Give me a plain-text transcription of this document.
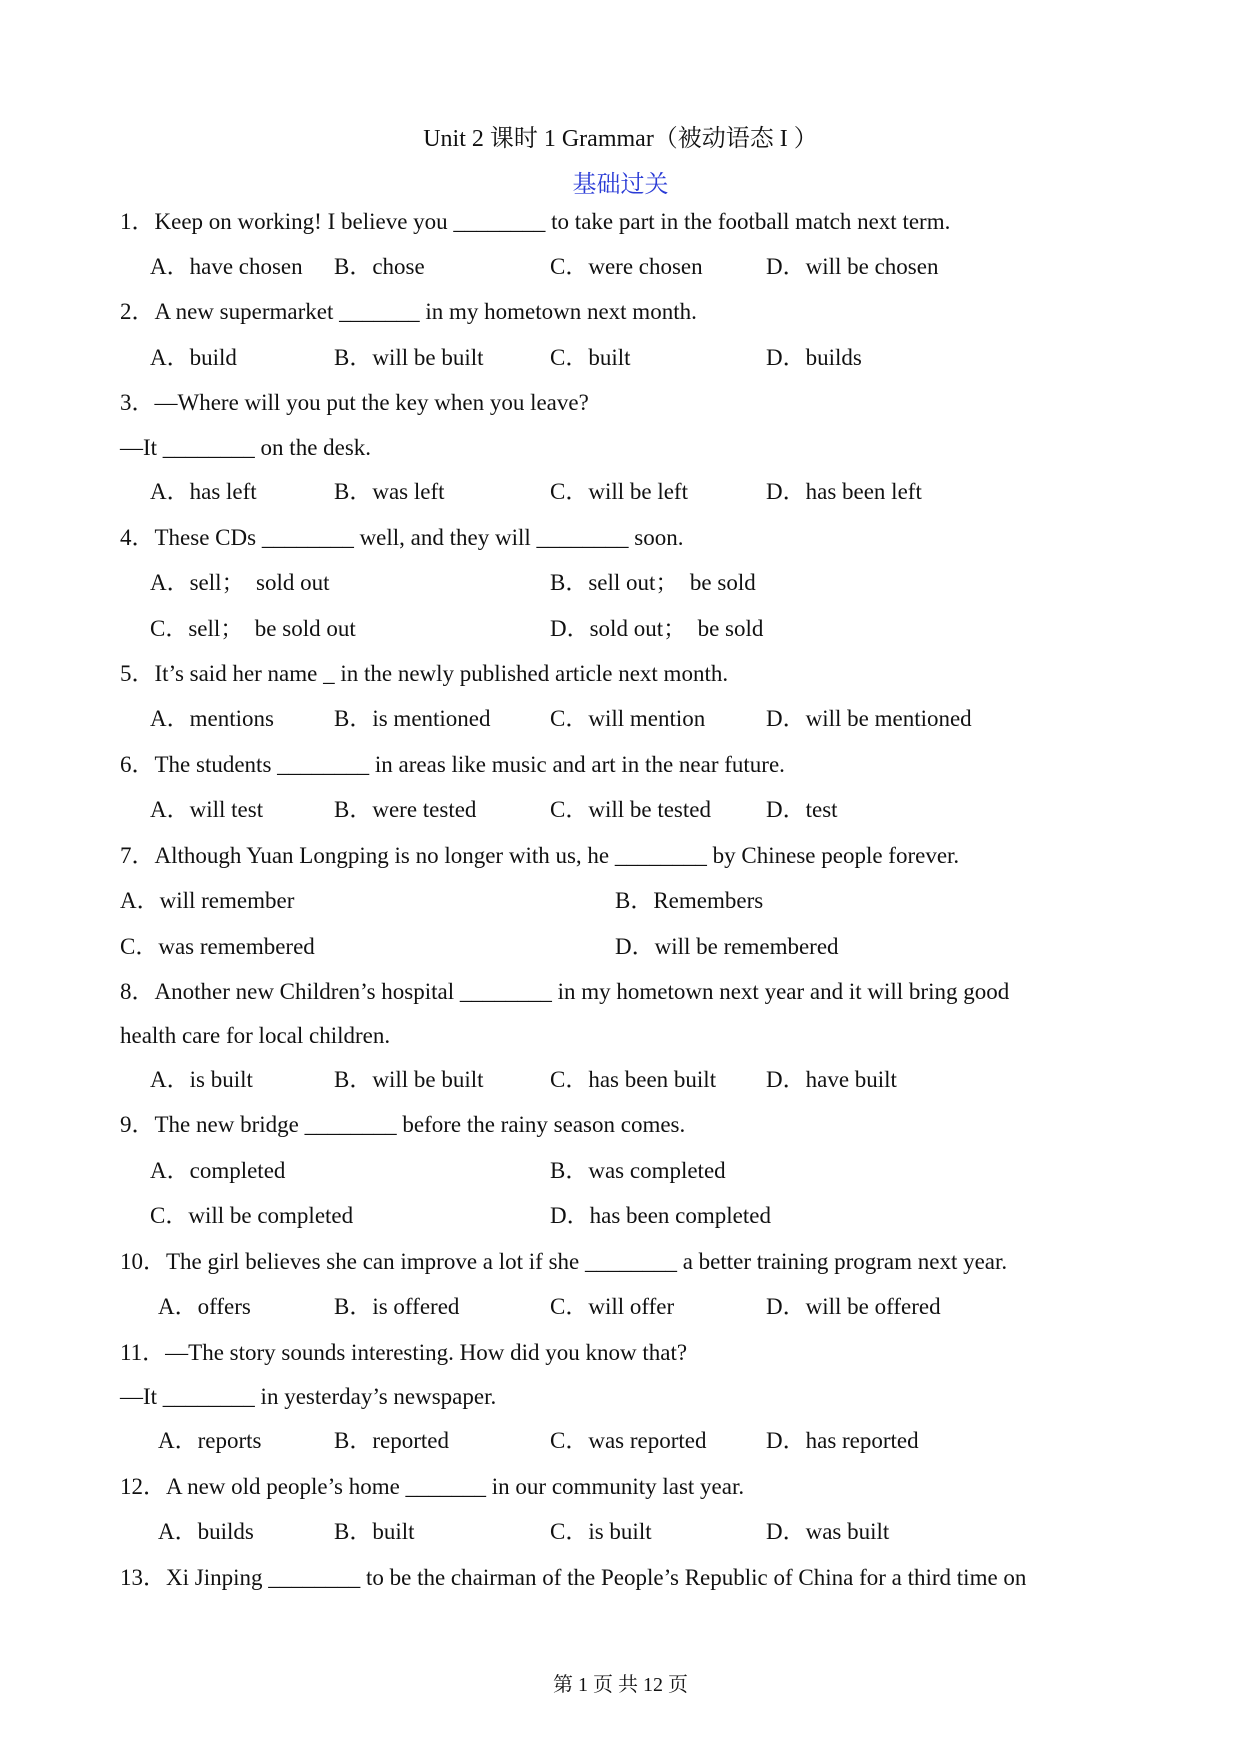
Unit 2 课时 1 Grammar（被动语态 I ）
基础过关
1．Keep on working! I believe you ________ to take part in the football match next term.
A．have chosen B．chose	C．were chosen	D．will be chosen
2．A new supermarket _______ in my hometown next month.
A．build	B．will be built	C．built	D．builds
3．—Where will you put the key when you leave?
—It ________ on the desk.
A．has left	B．was left	C．will be left	D．has been left
4．These CDs ________ well, and they will ________ soon.
A．sell；  sold out	B．sell out；  be sold
C．sell；  be sold out	D．sold out；  be sold
5．It’s said her name _ in the newly published article next month.
A．mentions	B．is mentioned	C．will mention	D．will be mentioned
6．The students ________ in areas like music and art in the near future.
A．will test	B．were tested	C．will be tested D．test
7．Although Yuan Longping is no longer with us, he ________ by Chinese people forever.
A．will remember	B．Remembers
C．was remembered	D．will be remembered
8．Another new Children’s hospital ________ in my hometown next year and it will bring good
health care for local children.
A．is built	B．will be built	C．has been built D．have built
9．The new bridge ________ before the rainy season comes.
A．completed	B．was completed
C．will be completed	D．has been completed
10．The girl believes she can improve a lot if she ________ a better training program next year.
A．offers	B．is offered	C．will offer	D．will be offered
11．—The story sounds interesting. How did you know that?
—It ________ in yesterday’s newspaper.
A．reports	B．reported	C．was reported	D．has reported
12．A new old people’s home _______ in our community last year.
A．builds	B．built	C．is built	D．was built
13．Xi Jinping ________ to be the chairman of the People’s Republic of China for a third time on
第 1 页 共 12 页
